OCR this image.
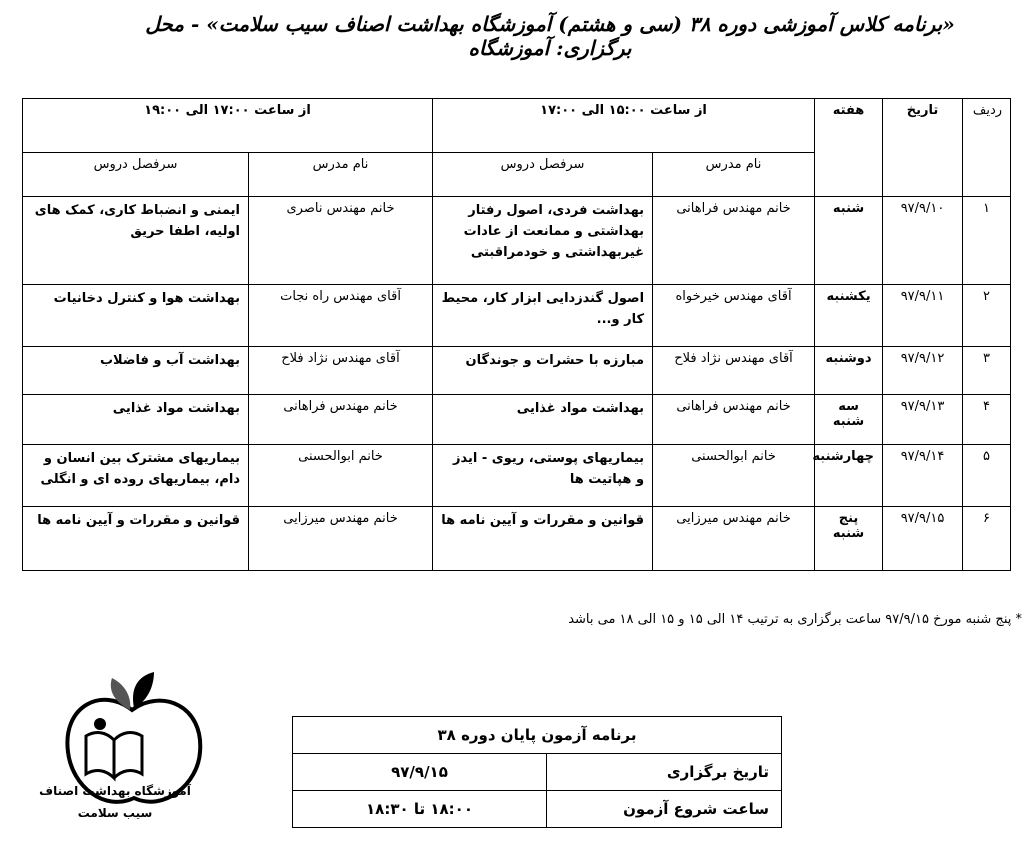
«برنامه کلاس آموزشی دوره ۳۸ (سی و هشتم) آموزشگاه بهداشت اصناف سیب سلامت» - محل برگزاری: آموزشگاه
ردیف	تاریخ	هفته	از ساعت ۱۵:۰۰ الی ۱۷:۰۰		از ساعت ۱۷:۰۰ الی ۱۹:۰۰	
			نام مدرس	سرفصل دروس	نام مدرس	سرفصل دروس
۱	۹۷/۹/۱۰	شنبه	خانم مهندس فراهانی	بهداشت فردی، اصول رفتار بهداشتی و ممانعت از عادات غیربهداشتی و خودمراقبتی	خانم مهندس ناصری	ایمنی و انضباط کاری، کمک های اولیه، اطفا حریق
۲	۹۷/۹/۱۱	یکشنبه	آقای مهندس خیرخواه	اصول گندزدایی ابزار کار، محیط کار و...	آقای مهندس راه نجات	بهداشت هوا و کنترل دخانیات
۳	۹۷/۹/۱۲	دوشنبه	آقای مهندس نژاد فلاح	مبارزه با حشرات و جوندگان	آقای مهندس نژاد فلاح	بهداشت آب و فاضلاب
۴	۹۷/۹/۱۳	سه شنبه	خانم مهندس فراهانی	بهداشت مواد غذایی	خانم مهندس فراهانی	بهداشت مواد غذایی
۵	۹۷/۹/۱۴	چهارشنبه	خانم ابوالحسنی	بیماریهای پوستی، ریوی - ایدز و هپاتیت ها	خانم ابوالحسنی	بیماریهای مشترک بین انسان و دام، بیماریهای روده ای و انگلی
۶	۹۷/۹/۱۵	پنج شنبه	خانم مهندس میرزایی	قوانین و مقررات و آیین نامه ها	خانم مهندس میرزایی	قوانین و مقررات و آیین نامه ها
* پنج شنبه مورخ ۹۷/۹/۱۵ ساعت برگزاری به ترتیب ۱۴ الی ۱۵ و ۱۵ الی ۱۸ می باشد
آموزشگاه بهداشت اصناف
سیب سلامت
برنامه آزمون پایان دوره ۳۸	
تاریخ برگزاری	۹۷/۹/۱۵
ساعت شروع آزمون	۱۸:۰۰ تا ۱۸:۳۰
